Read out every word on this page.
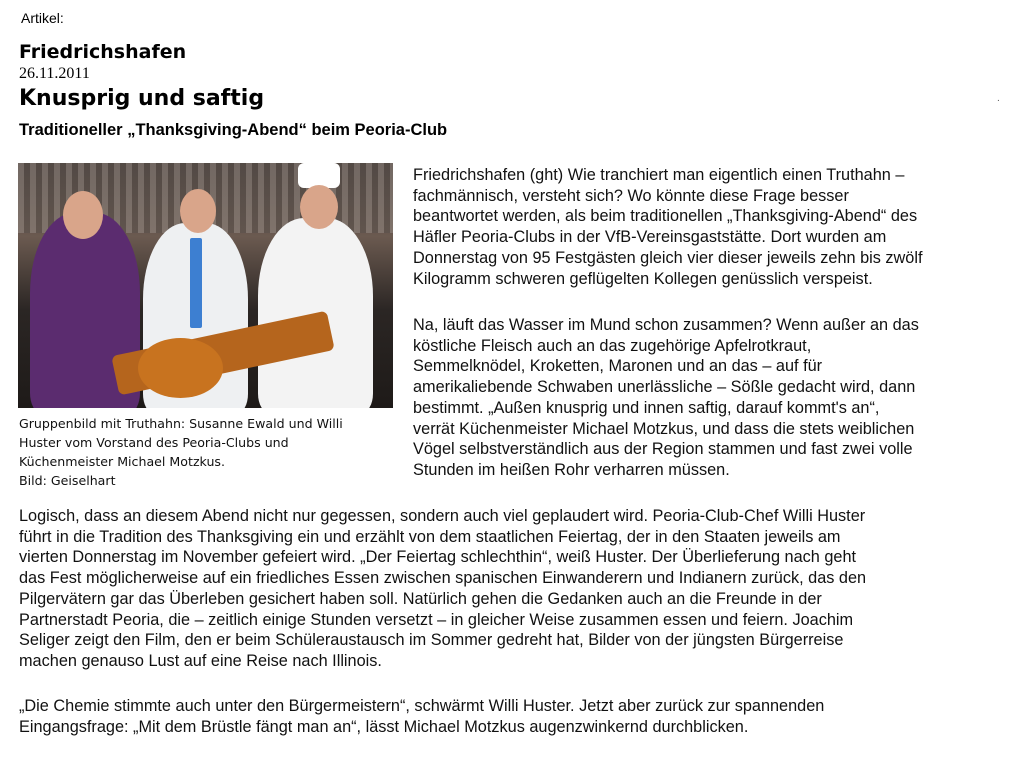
Artikel:
Friedrichshafen
26.11.2011
Knusprig und saftig
Traditioneller „Thanksgiving-Abend“ beim Peoria-Club
.
Gruppenbild mit Truthahn: Susanne Ewald und Willi
Huster vom Vorstand des Peoria-Clubs und
Küchenmeister Michael Motzkus.
Bild: Geiselhart
Friedrichshafen (ght) Wie tranchiert man eigentlich einen Truthahn –
fachmännisch, versteht sich? Wo könnte diese Frage besser
beantwortet werden, als beim traditionellen „Thanksgiving-Abend“ des
Häfler Peoria-Clubs in der VfB-Vereinsgaststätte. Dort wurden am
Donnerstag von 95 Festgästen gleich vier dieser jeweils zehn bis zwölf
Kilogramm schweren geflügelten Kollegen genüsslich verspeist.
Na, läuft das Wasser im Mund schon zusammen? Wenn außer an das
köstliche Fleisch auch an das zugehörige Apfelrotkraut,
Semmelknödel, Kroketten, Maronen und an das – auf für
amerikaliebende Schwaben unerlässliche – Sößle gedacht wird, dann
bestimmt. „Außen knusprig und innen saftig, darauf kommt's an“,
verrät Küchenmeister Michael Motzkus, und dass die stets weiblichen
Vögel selbstverständlich aus der Region stammen und fast zwei volle
Stunden im heißen Rohr verharren müssen.
Logisch, dass an diesem Abend nicht nur gegessen, sondern auch viel geplaudert wird. Peoria-Club-Chef Willi Huster
führt in die Tradition des Thanksgiving ein und erzählt von dem staatlichen Feiertag, der in den Staaten jeweils am
vierten Donnerstag im November gefeiert wird. „Der Feiertag schlechthin“, weiß Huster. Der Überlieferung nach geht
das Fest möglicherweise auf ein friedliches Essen zwischen spanischen Einwanderern und Indianern zurück, das den
Pilgervätern gar das Überleben gesichert haben soll. Natürlich gehen die Gedanken auch an die Freunde in der
Partnerstadt Peoria, die – zeitlich einige Stunden versetzt – in gleicher Weise zusammen essen und feiern. Joachim
Seliger zeigt den Film, den er beim Schüleraustausch im Sommer gedreht hat, Bilder von der jüngsten Bürgerreise
machen genauso Lust auf eine Reise nach Illinois.
„Die Chemie stimmte auch unter den Bürgermeistern“, schwärmt Willi Huster. Jetzt aber zurück zur spannenden
Eingangsfrage: „Mit dem Brüstle fängt man an“, lässt Michael Motzkus augenzwinkernd durchblicken.
